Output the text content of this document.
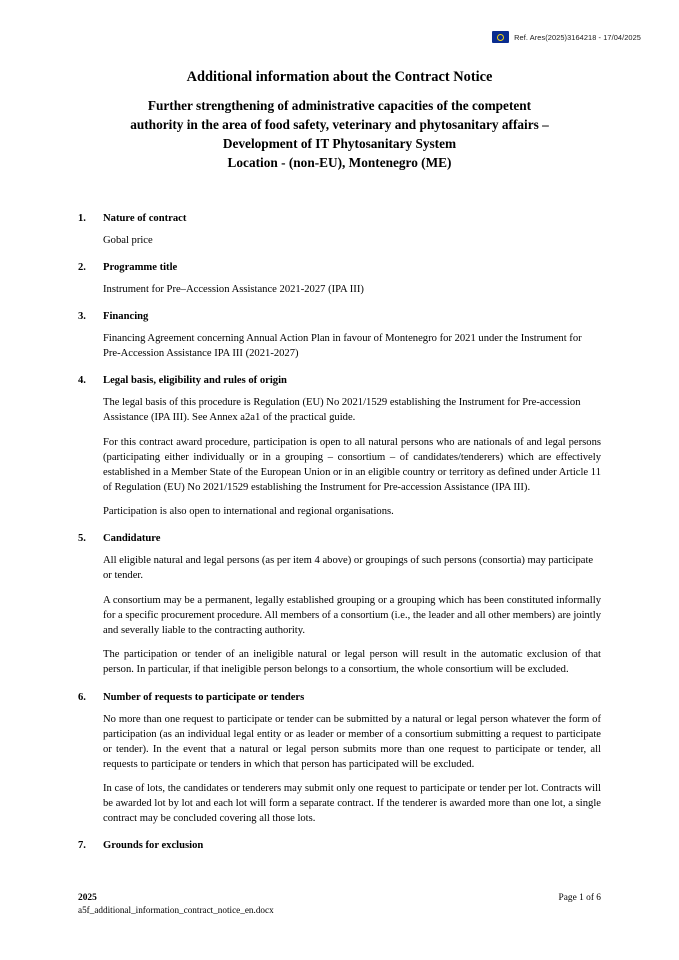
Ref. Ares(2025)3164218 - 17/04/2025
Additional information about the Contract Notice
Further strengthening of administrative capacities of the competent
authority in the area of food safety, veterinary and phytosanitary affairs –
Development of IT Phytosanitary System
Location - (non-EU), Montenegro (ME)
1.	Nature of contract

Gobal price

2.	Programme title

Instrument for Pre–Accession Assistance 2021-2027 (IPA III)

3.	Financing

Financing Agreement concerning Annual Action Plan in favour of Montenegro for 2021 under the Instrument for Pre-Accession Assistance IPA III (2021-2027)

4.	Legal basis, eligibility and rules of origin

The legal basis of this procedure is Regulation (EU) No 2021/1529 establishing the Instrument for Pre-accession Assistance (IPA III). See Annex a2a1 of the practical guide.

For this contract award procedure, participation is open to all natural persons who are nationals of and legal persons (participating either individually or in a grouping – consortium – of candidates/tenderers) which are effectively established in a Member State of the European Union or in an eligible country or territory as defined under Article 11 of Regulation (EU) No 2021/1529 establishing the Instrument for Pre-accession Assistance (IPA III).

Participation is also open to international and regional organisations.

5.	Candidature

All eligible natural and legal persons (as per item 4 above) or groupings of such persons (consortia) may participate or tender.

A consortium may be a permanent, legally established grouping or a grouping which has been constituted informally for a specific procurement procedure. All members of a consortium (i.e., the leader and all other members) are jointly and severally liable to the contracting authority.

The participation or tender of an ineligible natural or legal person will result in the automatic exclusion of that person. In particular, if that ineligible person belongs to a consortium, the whole consortium will be excluded.

6.	Number of requests to participate or tenders

No more than one request to participate or tender can be submitted by a natural or legal person whatever the form of participation (as an individual legal entity or as leader or member of a consortium submitting a request to participate or tender). In the event that a natural or legal person submits more than one request to participate or tender, all requests to participate or tenders in which that person has participated will be excluded.

In case of lots, the candidates or tenderers may submit only one request to participate or tender per lot. Contracts will be awarded lot by lot and each lot will form a separate contract. If the tenderer is awarded more than one lot, a single contract may be concluded covering all those lots.

7.	Grounds for exclusion
2025	Page 1 of 6
a5f_additional_information_contract_notice_en.docx
